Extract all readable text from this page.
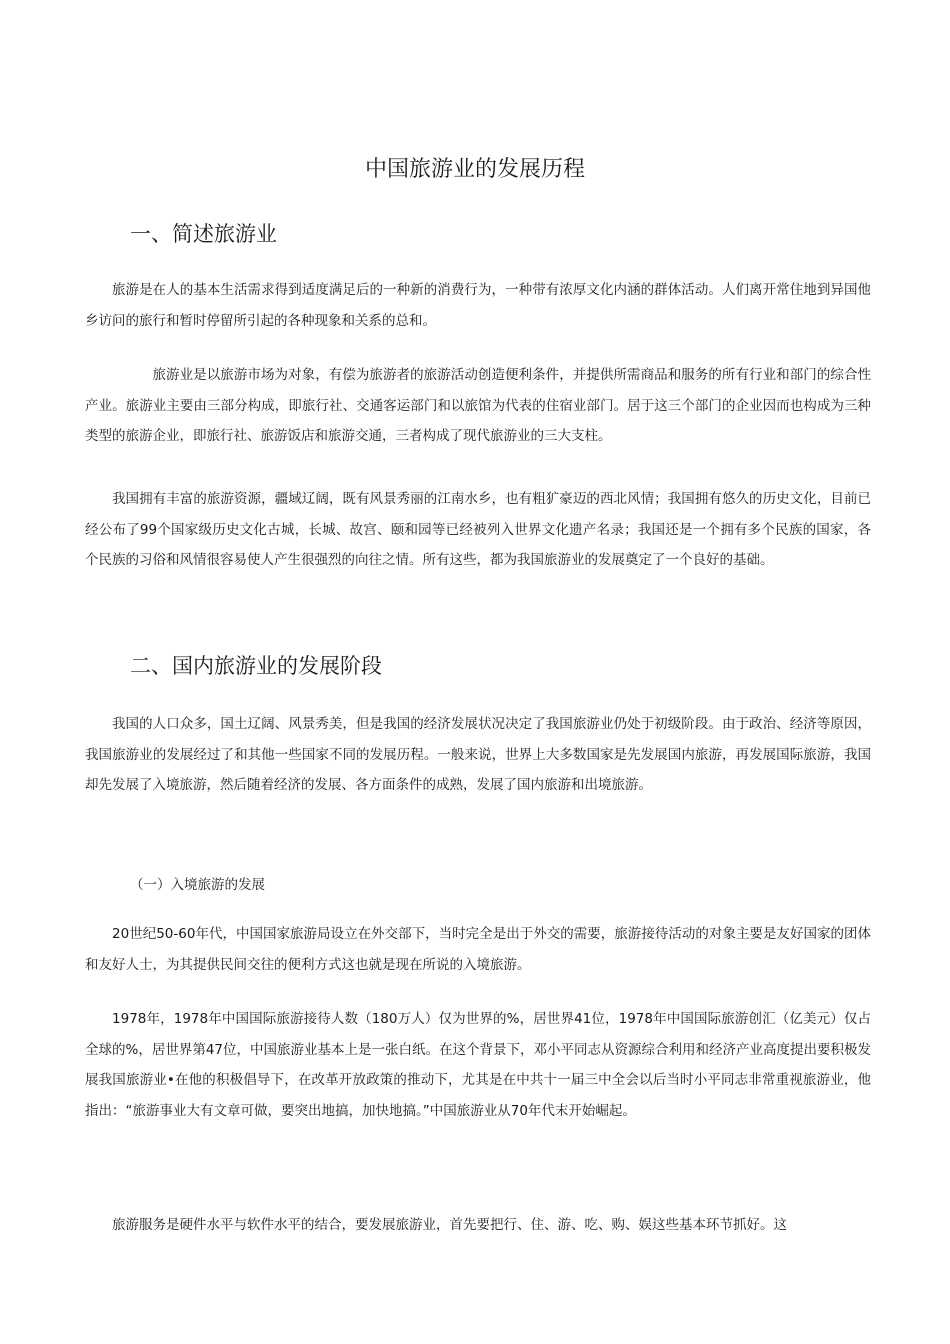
中国旅游业的发展历程
一、简述旅游业

旅游是在人的基本生活需求得到适度满足后的一种新的消费行为，一种带有浓厚文化内涵的群体活动。人们离开常住地到异国他乡访问的旅行和暂时停留所引起的各种现象和关系的总和。

旅游业是以旅游市场为对象，有偿为旅游者的旅游活动创造便利条件，并提供所需商品和服务的所有行业和部门的综合性产业。旅游业主要由三部分构成，即旅行社、交通客运部门和以旅馆为代表的住宿业部门。居于这三个部门的企业因而也构成为三种类型的旅游企业，即旅行社、旅游饭店和旅游交通，三者构成了现代旅游业的三大支柱。

我国拥有丰富的旅游资源，疆域辽阔，既有风景秀丽的江南水乡，也有粗犷豪迈的西北风情；我国拥有悠久的历史文化，目前已经公布了99个国家级历史文化古城，长城、故宫、颐和园等已经被列入世界文化遗产名录；我国还是一个拥有多个民族的国家，各个民族的习俗和风情很容易使人产生很强烈的向往之情。所有这些，都为我国旅游业的发展奠定了一个良好的基础。

二、国内旅游业的发展阶段

我国的人口众多，国土辽阔、风景秀美，但是我国的经济发展状况决定了我国旅游业仍处于初级阶段。由于政治、经济等原因，我国旅游业的发展经过了和其他一些国家不同的发展历程。一般来说，世界上大多数国家是先发展国内旅游，再发展国际旅游，我国却先发展了入境旅游，然后随着经济的发展、各方面条件的成熟，发展了国内旅游和出境旅游。

（一）入境旅游的发展

20世纪50-60年代，中国国家旅游局设立在外交部下，当时完全是出于外交的需要，旅游接待活动的对象主要是友好国家的团体和友好人士，为其提供民间交往的便利方式这也就是现在所说的入境旅游。

1978年，1978年中国国际旅游接待人数（180万人）仅为世界的%，居世界41位，1978年中国国际旅游创汇（亿美元）仅占全球的%，居世界第47位，中国旅游业基本上是一张白纸。在这个背景下，邓小平同志从资源综合利用和经济产业高度提出要积极发展我国旅游业•在他的积极倡导下，在改革开放政策的推动下，尤其是在中共十一届三中全会以后当时小平同志非常重视旅游业，他指出：“旅游事业大有文章可做，要突出地搞，加快地搞。”中国旅游业从70年代末开始崛起。

旅游服务是硬件水平与软件水平的结合，要发展旅游业，首先要把行、住、游、吃、购、娱这些基本环节抓好。这
